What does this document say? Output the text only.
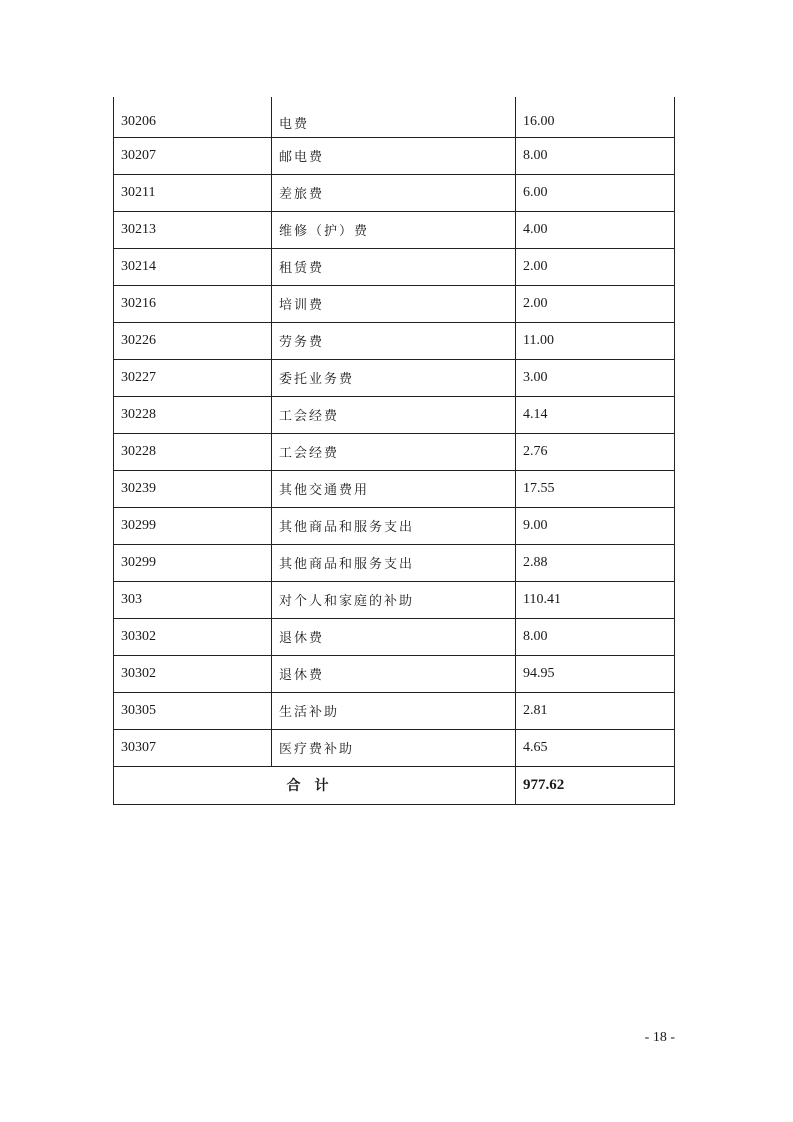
30206	电费	16.00
30207	邮电费	8.00
30211	差旅费	6.00
30213	维修（护）费	4.00
30214	租赁费	2.00
30216	培训费	2.00
30226	劳务费	11.00
30227	委托业务费	3.00
30228	工会经费	4.14
30228	工会经费	2.76
30239	其他交通费用	17.55
30299	其他商品和服务支出	9.00
30299	其他商品和服务支出	2.88
303	对个人和家庭的补助	110.41
30302	退休费	8.00
30302	退休费	94.95
30305	生活补助	2.81
30307	医疗费补助	4.65
合计		977.62
- 18 -
